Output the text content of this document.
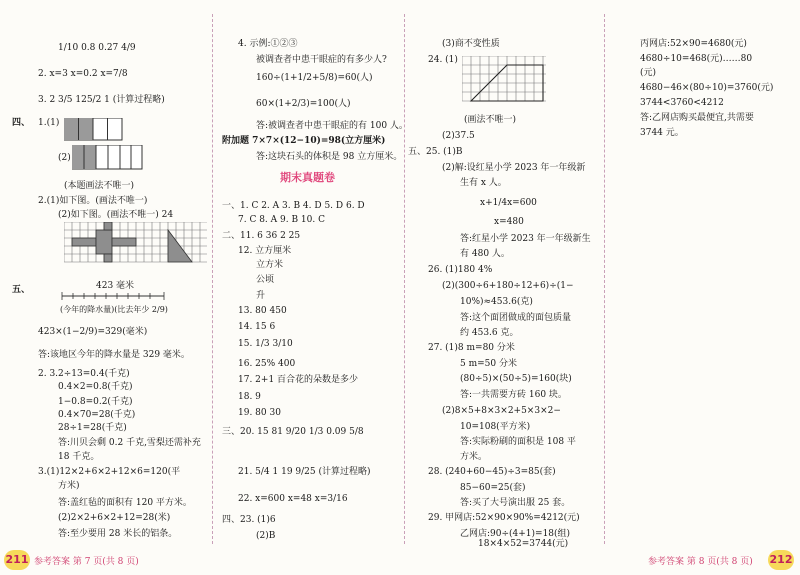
1/10 0.8 0.27 4/9
2. x=3 x=0.2 x=7/8
3. 2 3/5 125/2 1 (计算过程略)
四、 1.(1)
(2)
(本题画法不唯一)
2.(1)如下图。(画法不唯一)
(2)如下图。(画法不唯一) 24
五、	423 毫米
(今年的降水量)(比去年少 2/9)
423×(1−2/9)=329(毫米)
答:该地区今年的降水量是 329 毫米。
2. 3.2÷13=0.4(千克)
0.4×2=0.8(千克)
1−0.8=0.2(千克)
0.4×70=28(千克)
28÷1=28(千克)
答:川贝会剩 0.2 千克,雪梨还需补充
18 千克。
3.(1)12×2+6×2+12×6=120(平
方米)
答:盖红毡的面积有 120 平方米。
(2)2×2+6×2+12=28(米)
答:至少要用 28 米长的铝条。
4. 示例:①②③
被调查者中患干眼症的有多少人?
160÷(1+1/2+5/8)=60(人)
60×(1+2/3)=100(人)
答:被调查者中患干眼症的有 100 人。
附加题 7×7×(12−10)=98(立方厘米)
答:这块石头的体积是 98 立方厘米。
期末真题卷
一、1. C 2. A 3. B 4. D 5. D 6. D
7. C 8. A 9. B 10. C
二、11. 6 36 2 25
12. 立方厘米
立方米
公顷
升
13. 80 450
14. 15 6
15. 1/3 3/10
16. 25% 400
17. 2+1 百合花的朵数是多少
18. 9
19. 80 30
三、20. 15 81 9/20 1/3 0.09 5/8
21. 5/4 1 19 9/25 (计算过程略)
22. x=600 x=48 x=3/16
四、23. (1)6
(2)B
(3)商不变性质
24. (1)
(画法不唯一)
(2)37.5
五、25. (1)B
(2)解:设红星小学 2023 年一年级新
生有 x 人。
x+1/4x=600
x=480
答:红星小学 2023 年一年级新生
有 480 人。
26. (1)180 4%
(2)(300÷6+180÷12+6)÷(1−
10%)≈453.6(克)
答:这个面团做成的面包质量
约 453.6 克。
27. (1)8 m=80 分米
5 m=50 分米
(80÷5)×(50÷5)=160(块)
答:一共需要方砖 160 块。
(2)8×5+8×3×2+5×3×2−
10=108(平方米)
答:实际粉刷的面积是 108 平
方米。
28. (240+60−45)÷3=85(套)
85−60=25(套)
答:买了大号演出服 25 套。
29. 甲网店:52×90×90%=4212(元)
乙网店:90÷(4+1)=18(组)
18×4×52=3744(元)
丙网店:52×90=4680(元)
4680÷10=468(元)……80
(元)
4680−46×(80÷10)=3760(元)
3744<3760<4212
答:乙网店购买最便宜,共需要
3744 元。
211 参考答案 第 7 页(共 8 页)	参考答案 第 8 页(共 8 页) 212
